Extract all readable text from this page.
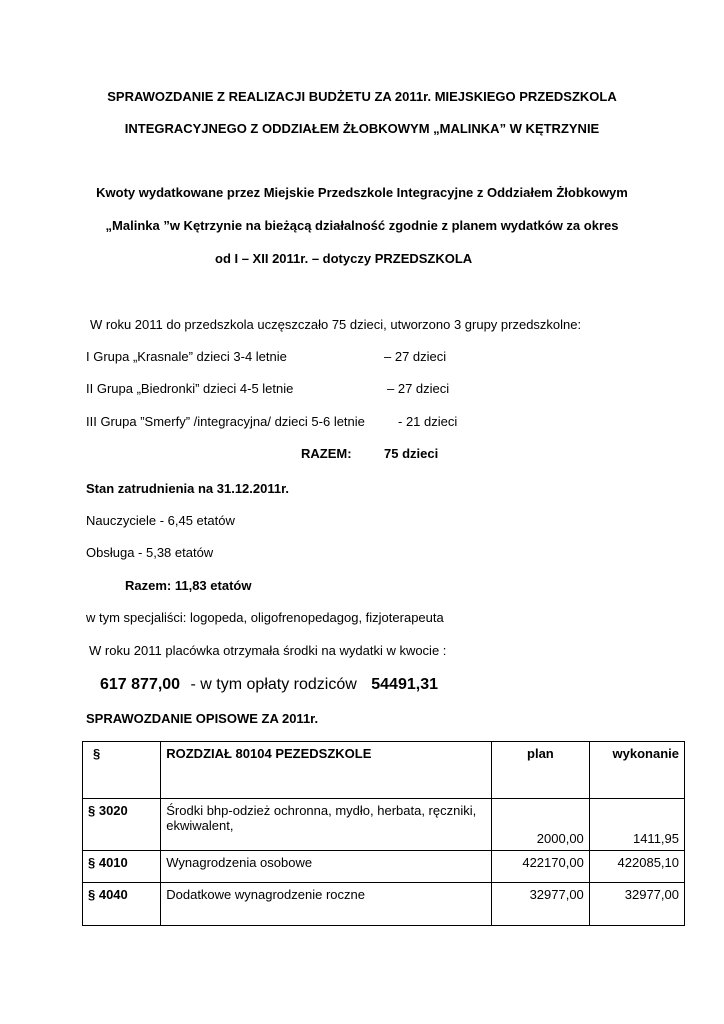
SPRAWOZDANIE Z REALIZACJI BUDŻETU ZA 2011r. MIEJSKIEGO PRZEDSZKOLA
INTEGRACYJNEGO Z ODDZIAŁEM ŻŁOBKOWYM „MALINKA” W KĘTRZYNIE
Kwoty wydatkowane przez Miejskie Przedszkole Integracyjne z Oddziałem Żłobkowym
„Malinka ”w Kętrzynie na bieżącą działalność zgodnie z planem wydatków za okres
od I – XII 2011r. – dotyczy PRZEDSZKOLA
W roku 2011 do przedszkola uczęszczało 75 dzieci, utworzono 3 grupy przedszkolne:
I Grupa „Krasnale” dzieci 3-4 letnie	– 27 dzieci
II Grupa „Biedronki” dzieci 4-5 letnie	– 27 dzieci
III Grupa ”Smerfy” /integracyjna/ dzieci 5-6 letnie	- 21 dzieci
RAZEM: 75 dzieci
Stan zatrudnienia na 31.12.2011r.
Nauczyciele - 6,45 etatów
Obsługa - 5,38 etatów
Razem: 11,83 etatów
w tym specjaliści: logopeda, oligofrenopedagog, fizjoterapeuta
W roku 2011 placówka otrzymała środki na wydatki w kwocie :
617 877,00 - w tym opłaty rodziców 54491,31
SPRAWOZDANIE OPISOWE ZA 2011r.
§	ROZDZIAŁ 80104 PEZEDSZKOLE	plan	wykonanie
§ 3020	Środki bhp-odzież ochronna, mydło, herbata, ręczniki, ekwiwalent,	2000,00	1411,95
§ 4010	Wynagrodzenia osobowe	422170,00	422085,10
§ 4040	Dodatkowe wynagrodzenie roczne	32977,00	32977,00
